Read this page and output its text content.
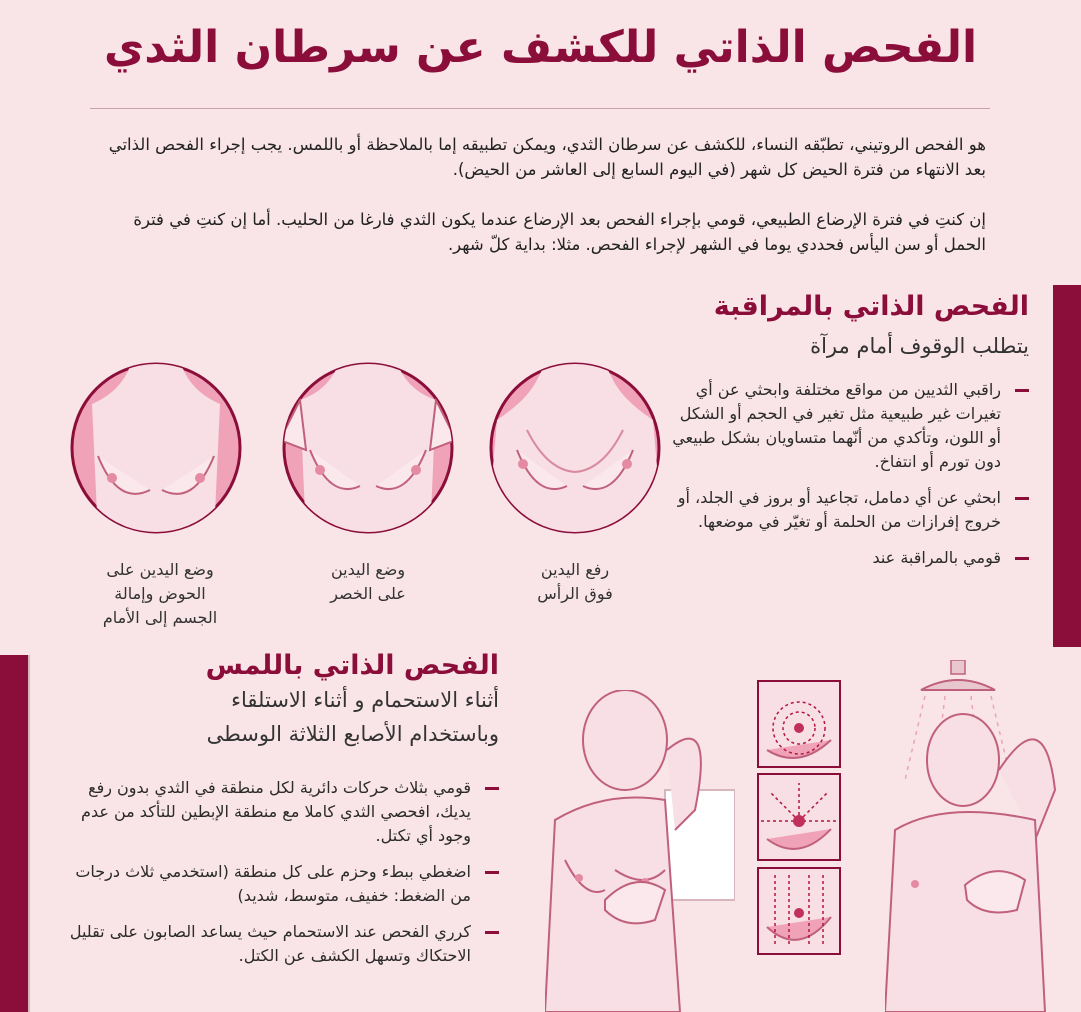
الفحص الذاتي للكشف عن سرطان الثدي

هو الفحص الروتيني، تطبّقه النساء، للكشف عن سرطان الثدي، ويمكن تطبيقه إما بالملاحظة أو باللمس. يجب إجراء الفحص الذاتي بعد الانتهاء من فترة الحيض كل شهر (في اليوم السابع إلى العاشر من الحيض).

إن كنتِ في فترة الإرضاع الطبيعي، قومي بإجراء الفحص بعد الإرضاع عندما يكون الثدي فارغا من الحليب. أما إن كنتِ في فترة الحمل أو سن اليأس فحددي يوما في الشهر لإجراء الفحص. مثلا: بداية كلّ شهر.

الفحص الذاتي بالمراقبة
يتطلب الوقوف أمام مرآة
راقبي الثديين من مواقع مختلفة وابحثي عن أي تغيرات غير طبيعية مثل تغير في الحجم أو الشكل أو اللون، وتأكدي من أنّهما متساويان بشكل طبيعي دون تورم أو انتفاخ.
ابحثي عن أي دمامل، تجاعيد أو بروز في الجلد، أو خروج إفرازات من الحلمة أو تغيّر في موضعها.
قومي بالمراقبة عند
رفع اليدين
فوق الرأس
وضع اليدين
على الخصر
وضع اليدين على
الحوض وإمالة
الجسم إلى الأمام
الفحص الذاتي باللمس
أثناء الاستحمام و أثناء الاستلقاء
وباستخدام الأصابع الثلاثة الوسطى
قومي بثلاث حركات دائرية لكل منطقة في الثدي بدون رفع يديك، افحصي الثدي كاملا مع منطقة الإبطين للتأكد من عدم وجود أي تكتل.
اضغطي ببطء وحزم على كل منطقة (استخدمي ثلاث درجات من الضغط: خفيف، متوسط، شديد)
كرري الفحص عند الاستحمام حيث يساعد الصابون على تقليل الاحتكاك وتسهل الكشف عن الكتل.
